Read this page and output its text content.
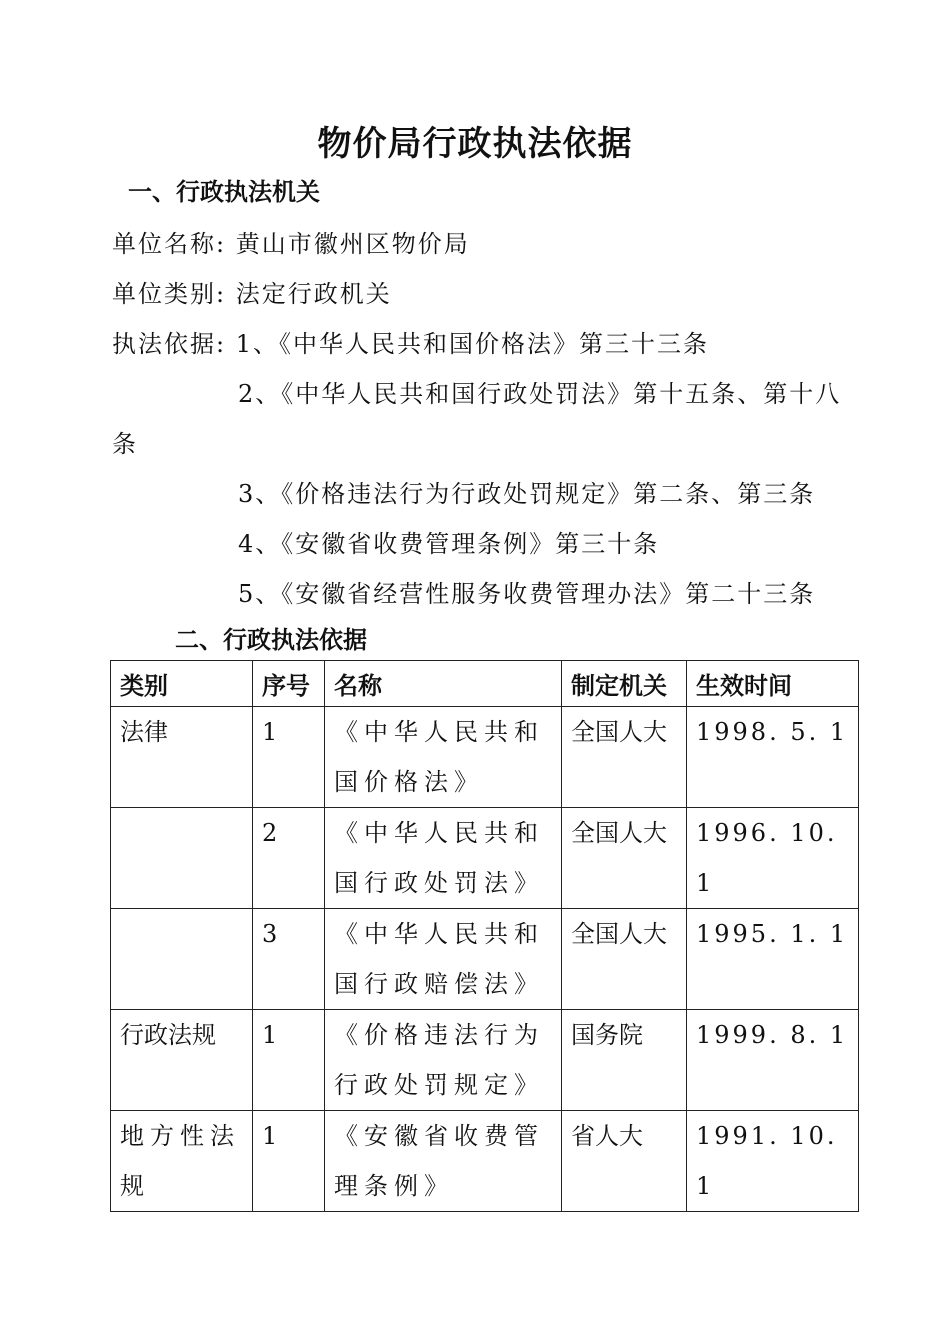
物价局行政执法依据
一、行政执法机关
单位名称: 黄山市徽州区物价局
单位类别: 法定行政机关
执法依据: 1、《中华人民共和国价格法》第三十三条
2、《中华人民共和国行政处罚法》第十五条、第十八
条
3、《价格违法行为行政处罚规定》第二条、第三条
4、《安徽省收费管理条例》第三十条
5、《安徽省经营性服务收费管理办法》第二十三条
二、行政执法依据
类别	序号	名称	制定机关	生效时间
法律	1	《中华人民共和国价格法》	全国人大	1998. 5. 1
	2	《中华人民共和国行政处罚法》	全国人大	1996. 10. 1
	3	《中华人民共和国行政赔偿法》	全国人大	1995. 1. 1
行政法规	1	《价格违法行为行政处罚规定》	国务院	1999. 8. 1
地方性法规	1	《安徽省收费管理条例》	省人大	1991. 10. 1
